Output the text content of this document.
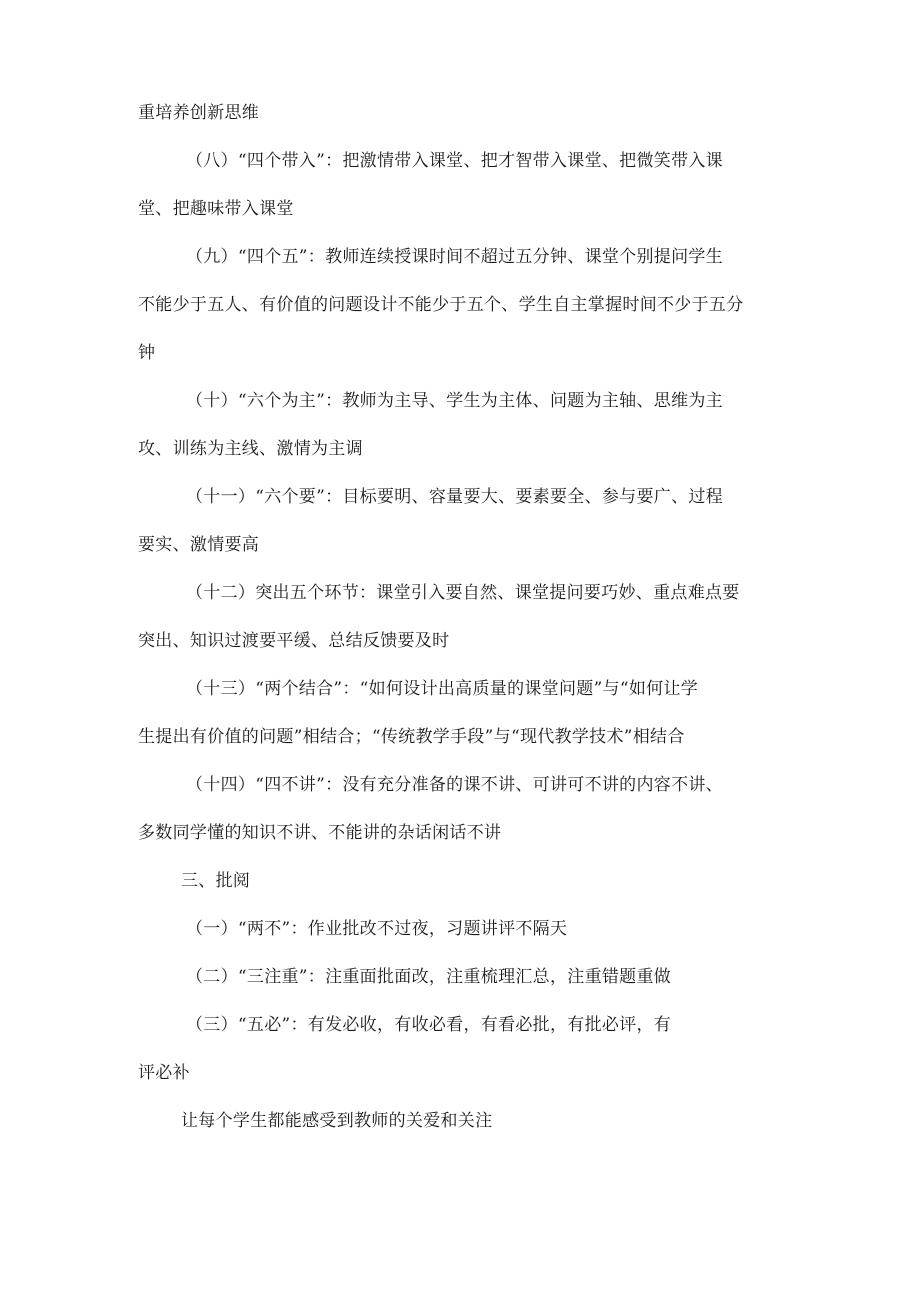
重培养创新思维
（八）“四个带入”：把激情带入课堂、把才智带入课堂、把微笑带入课
堂、把趣味带入课堂
（九）“四个五”：教师连续授课时间不超过五分钟、课堂个别提问学生
不能少于五人、有价值的问题设计不能少于五个、学生自主掌握时间不少于五分
钟
（十）“六个为主”：教师为主导、学生为主体、问题为主轴、思维为主
攻、训练为主线、激情为主调
（十一）“六个要”：目标要明、容量要大、要素要全、参与要广、过程
要实、激情要高
（十二）突出五个环节：课堂引入要自然、课堂提问要巧妙、重点难点要
突出、知识过渡要平缓、总结反馈要及时
（十三）“两个结合”：“如何设计出高质量的课堂问题”与“如何让学
生提出有价值的问题”相结合；“传统教学手段”与“现代教学技术”相结合
（十四）“四不讲”：没有充分准备的课不讲、可讲可不讲的内容不讲、
多数同学懂的知识不讲、不能讲的杂话闲话不讲
三、批阅
（一）“两不”：作业批改不过夜，习题讲评不隔天
（二）“三注重”：注重面批面改，注重梳理汇总，注重错题重做
（三）“五必”：有发必收，有收必看，有看必批，有批必评，有
评必补
让每个学生都能感受到教师的关爱和关注
